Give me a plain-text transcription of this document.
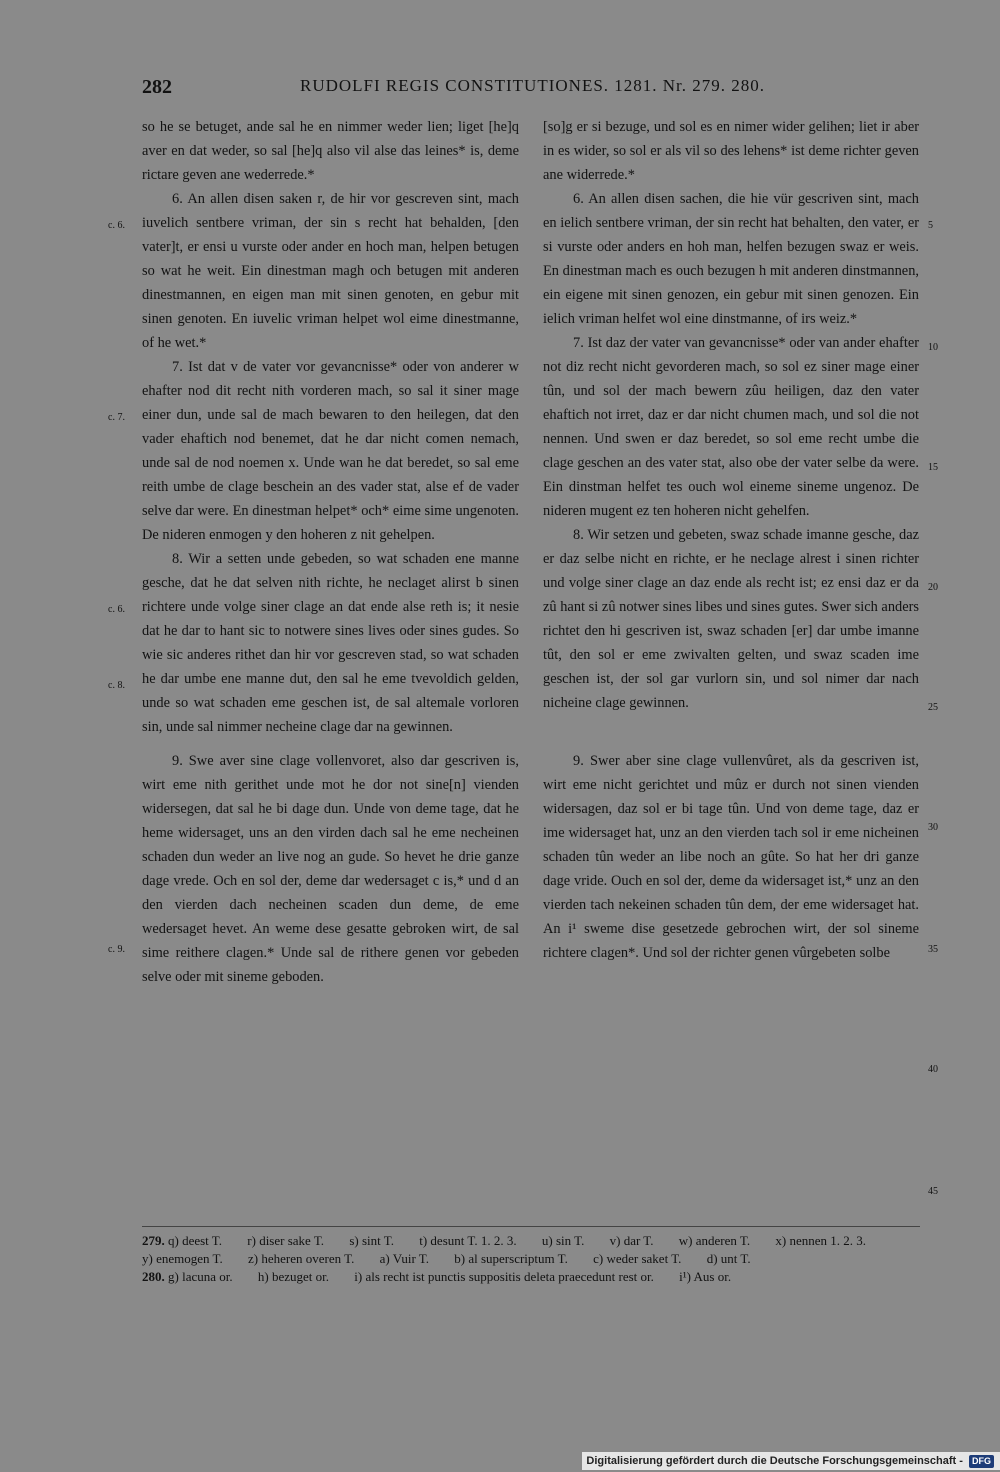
282	RUDOLFI REGIS CONSTITUTIONES. 1281. Nr. 279. 280.
c. 6.
c. 7.
c. 6.
c. 8.
c. 9.
5
10
15
20
25
30
35
40
45

so he se betuget, ande sal he en nimmer weder lien; liget [he]q aver en dat weder, so sal [he]q also vil alse das leines* is, deme rictare geven ane wederrede.*

6. An allen disen saken r, de hir vor gescreven sint, mach iuvelich sentbere vriman, der sin s recht hat behalden, [den vater]t, er ensi u vurste oder ander en hoch man, helpen betugen so wat he weit. Ein dinestman magh och betugen mit anderen dinestmannen, en eigen man mit sinen genoten, en gebur mit sinen genoten. En iuvelic vriman helpet wol eime dinestmanne, of he wet.*

7. Ist dat v de vater vor gevancnisse* oder von anderer w ehafter nod dit recht nith vorderen mach, so sal it siner mage einer dun, unde sal de mach bewaren to den heilegen, dat den vader ehaftich nod benemet, dat he dar nicht comen nemach, unde sal de nod noemen x. Unde wan he dat beredet, so sal eme reith umbe de clage beschein an des vader stat, alse ef de vader selve dar were. En dinestman helpet* och* eime sime ungenoten. De nideren enmogen y den hoheren z nit gehelpen.

8. Wir a setten unde gebeden, so wat schaden ene manne gesche, dat he dat selven nith richte, he neclaget alirst b sinen richtere unde volge siner clage an dat ende alse reth is; it nesie dat he dar to hant sic to notwere sines lives oder sines gudes. So wie sic anderes rithet dan hir vor gescreven stad, so wat schaden he dar umbe ene manne dut, den sal he eme tvevoldich gelden, unde so wat schaden eme geschen ist, de sal altemale vorloren sin, unde sal nimmer necheine clage dar na gewinnen.

9. Swe aver sine clage vollenvoret, also dar gescriven is, wirt eme nith gerithet unde mot he dor not sine[n] vienden widersegen, dat sal he bi dage dun. Unde von deme tage, dat he heme widersaget, uns an den virden dach sal he eme necheinen schaden dun weder an live nog an gude. So hevet he drie ganze dage vrede. Och en sol der, deme dar wedersaget c is,* und d an den vierden dach necheinen scaden dun deme, de eme wedersaget hevet. An weme dese gesatte gebroken wirt, de sal sime reithere clagen.* Unde sal de rithere genen vor gebeden selve oder mit sineme geboden.

[so]g er si bezuge, und sol es en nimer wider gelihen; liet ir aber in es wider, so sol er als vil so des lehens* ist deme richter geven ane widerrede.*

6. An allen disen sachen, die hie vür gescriven sint, mach en ielich sentbere vriman, der sin recht hat behalten, den vater, er si vurste oder anders en hoh man, helfen bezugen swaz er weis. En dinestman mach es ouch bezugen h mit anderen dinstmannen, ein eigene mit sinen genozen, ein gebur mit sinen genozen. Ein ielich vriman helfet wol eine dinstmanne, of irs weiz.*

7. Ist daz der vater van gevancnisse* oder van ander ehafter not diz recht nicht gevorderen mach, so sol ez siner mage einer tûn, und sol der mach bewern zûu heiligen, daz den vater ehaftich not irret, daz er dar nicht chumen mach, und sol die not nennen. Und swen er daz beredet, so sol eme recht umbe die clage geschen an des vater stat, also obe der vater selbe da were. Ein dinstman helfet tes ouch wol eineme sineme ungenoz. De nideren mugent ez ten hoheren nicht gehelfen.

8. Wir setzen und gebeten, swaz schade imanne gesche, daz er daz selbe nicht en richte, er he neclage alrest i sinen richter und volge siner clage an daz ende als recht ist; ez ensi daz er da zû hant si zû notwer sines libes und sines gutes. Swer sich anders richtet den hi gescriven ist, swaz schaden [er] dar umbe imanne tût, den sol er eme zwivalten gelten, und swaz scaden ime geschen ist, der sol gar vurlorn sin, und sol nimer dar nach nicheine clage gewinnen.

9. Swer aber sine clage vullenvûret, als da gescriven ist, wirt eme nicht gerichtet und mûz er durch not sinen vienden widersagen, daz sol er bi tage tûn. Und von deme tage, daz er ime widersaget hat, unz an den vierden tach sol ir eme nicheinen schaden tûn weder an libe noch an gûte. So hat her dri ganze dage vride. Ouch en sol der, deme da widersaget ist,* unz an den vierden tach nekeinen schaden tûn dem, der eme widersaget hat. An i¹ sweme dise gesetzede gebrochen wirt, der sol sineme richtere clagen*. Und sol der richter genen vûrgebeten solbe

279. q) deest T. r) diser sake T. s) sint T. t) desunt T. 1. 2. 3. u) sin T. v) dar T. w) anderen T. x) nennen 1. 2. 3. y) enemogen T. z) heheren overen T. a) Vuir T. b) al superscriptum T. c) weder saket T. d) unt T.

280. g) lacuna or. h) bezuget or. i) als recht ist punctis suppositis deleta praecedunt rest or. i¹) Aus or.

Digitalisierung gefördert durch die Deutsche Forschungsgemeinschaft - DFG
